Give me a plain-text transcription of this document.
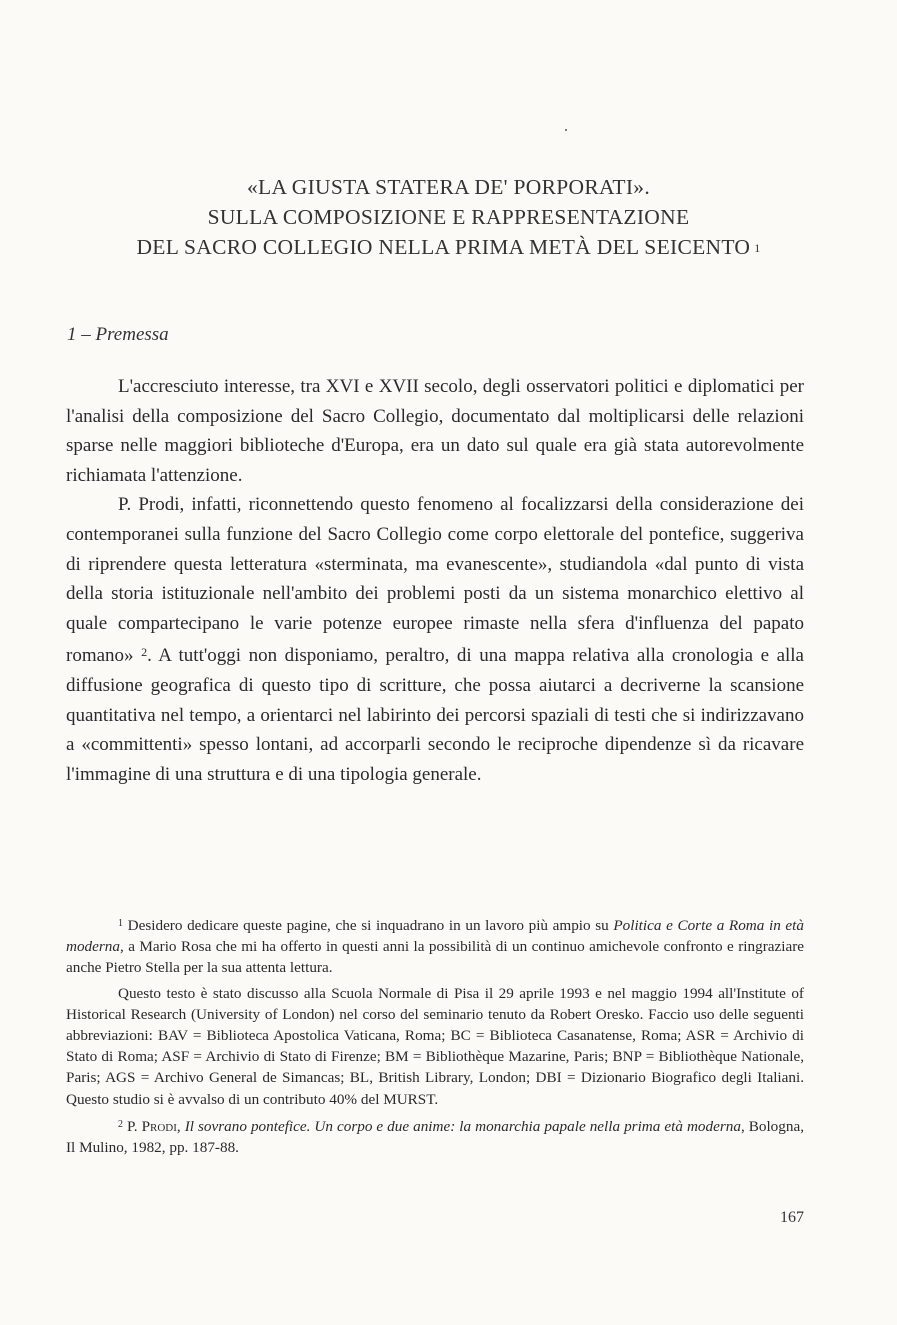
«LA GIUSTA STATERA DE' PORPORATI».
SULLA COMPOSIZIONE E RAPPRESENTAZIONE
DEL SACRO COLLEGIO NELLA PRIMA METÀ DEL SEICENTO $^1$
1 – Premessa

L'accresciuto interesse, tra XVI e XVII secolo, degli osservatori politici e diplomatici per l'analisi della composizione del Sacro Collegio, documentato dal moltiplicarsi delle relazioni sparse nelle maggiori biblioteche d'Europa, era un dato sul quale era già stata autorevolmente richiamata l'attenzione.

P. Prodi, infatti, riconnettendo questo fenomeno al focalizzarsi della considerazione dei contemporanei sulla funzione del Sacro Collegio come corpo elettorale del pontefice, suggeriva di riprendere questa letteratura «sterminata, ma evanescente», studiandola «dal punto di vista della storia istituzionale nell'ambito dei problemi posti da un sistema monarchico elettivo al quale compartecipano le varie potenze europee rimaste nella sfera d'influenza del papato romano» $^2$. A tutt'oggi non disponiamo, peraltro, di una mappa relativa alla cronologia e alla diffusione geografica di questo tipo di scritture, che possa aiutarci a decriverne la scansione quantitativa nel tempo, a orientarci nel labirinto dei percorsi spaziali di testi che si indirizzavano a «committenti» spesso lontani, ad accorparli secondo le reciproche dipendenze sì da ricavare l'immagine di una struttura e di una tipologia generale.

$^1$ Desidero dedicare queste pagine, che si inquadrano in un lavoro più ampio su Politica e Corte a Roma in età moderna, a Mario Rosa che mi ha offerto in questi anni la possibilità di un continuo amichevole confronto e ringraziare anche Pietro Stella per la sua attenta lettura.

Questo testo è stato discusso alla Scuola Normale di Pisa il 29 aprile 1993 e nel maggio 1994 all'Institute of Historical Research (University of London) nel corso del seminario tenuto da Robert Oresko. Faccio uso delle seguenti abbreviazioni: BAV = Biblioteca Apostolica Vaticana, Roma; BC = Biblioteca Casanatense, Roma; ASR = Archivio di Stato di Roma; ASF = Archivio di Stato di Firenze; BM = Bibliothèque Mazarine, Paris; BNP = Bibliothèque Nationale, Paris; AGS = Archivo General de Simancas; BL, British Library, London; DBI = Dizionario Biografico degli Italiani. Questo studio si è avvalso di un contributo 40% del MURST.

$^2$ P. Prodi, Il sovrano pontefice. Un corpo e due anime: la monarchia papale nella prima età moderna, Bologna, Il Mulino, 1982, pp. 187-88.

167
